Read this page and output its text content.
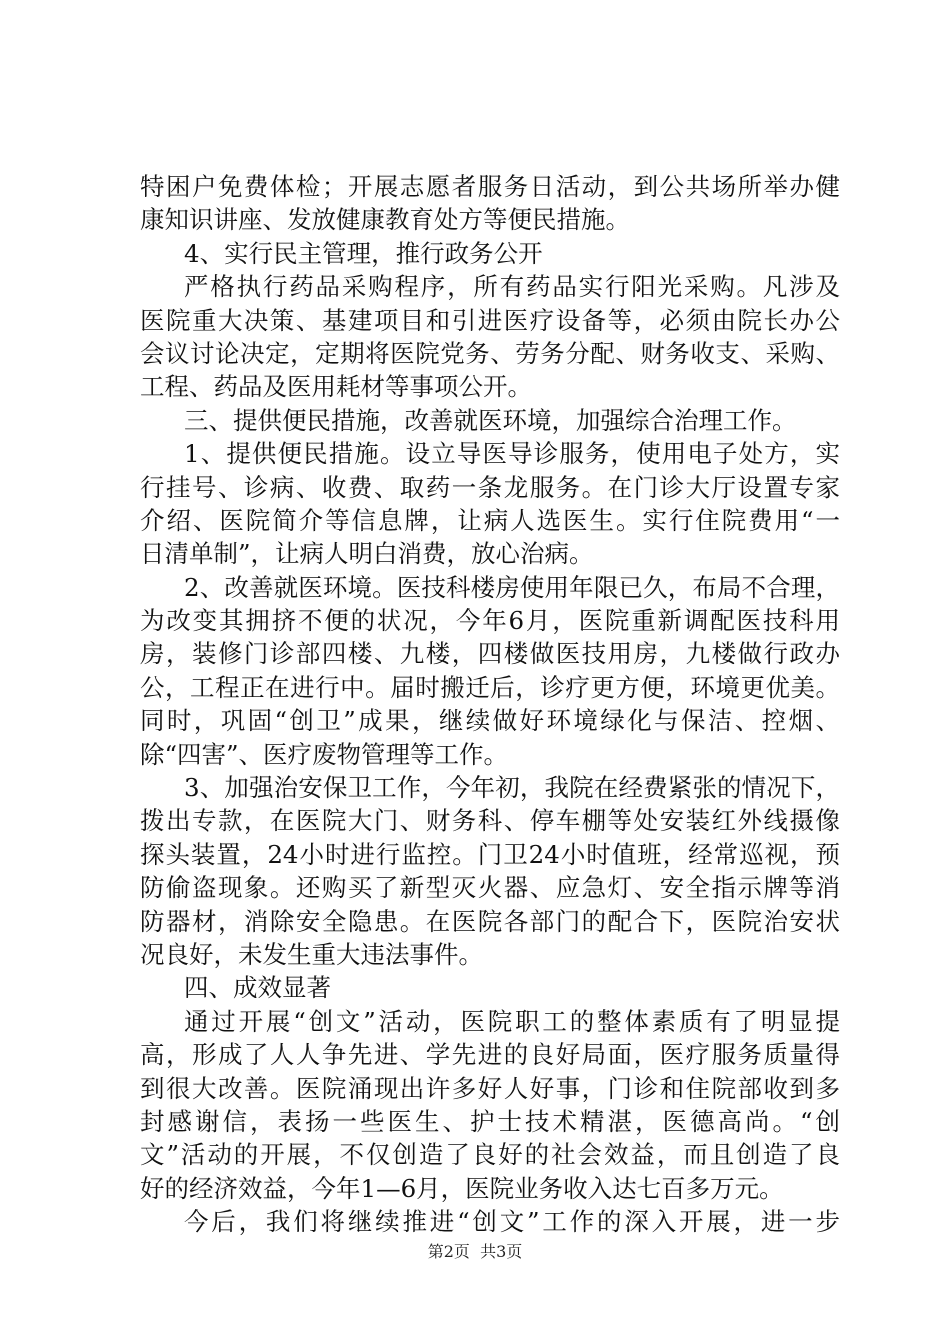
特困户免费体检；开展志愿者服务日活动，到公共场所举办健
康知识讲座、发放健康教育处方等便民措施。
4、实行民主管理，推行政务公开
严格执行药品采购程序，所有药品实行阳光采购。凡涉及
医院重大决策、基建项目和引进医疗设备等，必须由院长办公
会议讨论决定，定期将医院党务、劳务分配、财务收支、采购、
工程、药品及医用耗材等事项公开。
三、提供便民措施，改善就医环境，加强综合治理工作。
1、提供便民措施。设立导医导诊服务，使用电子处方，实
行挂号、诊病、收费、取药一条龙服务。在门诊大厅设置专家
介绍、医院简介等信息牌，让病人选医生。实行住院费用“一
日清单制”，让病人明白消费，放心治病。
2、改善就医环境。医技科楼房使用年限已久，布局不合理，
为改变其拥挤不便的状况，今年6月，医院重新调配医技科用
房，装修门诊部四楼、九楼，四楼做医技用房，九楼做行政办
公，工程正在进行中。届时搬迁后，诊疗更方便，环境更优美。
同时，巩固“创卫”成果，继续做好环境绿化与保洁、控烟、
除“四害”、医疗废物管理等工作。
3、加强治安保卫工作，今年初，我院在经费紧张的情况下，
拨出专款，在医院大门、财务科、停车棚等处安装红外线摄像
探头装置，24小时进行监控。门卫24小时值班，经常巡视，预
防偷盗现象。还购买了新型灭火器、应急灯、安全指示牌等消
防器材，消除安全隐患。在医院各部门的配合下，医院治安状
况良好，未发生重大违法事件。
四、成效显著
通过开展“创文”活动，医院职工的整体素质有了明显提
高，形成了人人争先进、学先进的良好局面，医疗服务质量得
到很大改善。医院涌现出许多好人好事，门诊和住院部收到多
封感谢信，表扬一些医生、护士技术精湛，医德高尚。“创
文”活动的开展，不仅创造了良好的社会效益，而且创造了良
好的经济效益，今年1—6月，医院业务收入达七百多万元。
今后，我们将继续推进“创文”工作的深入开展，进一步
第2页  共3页
